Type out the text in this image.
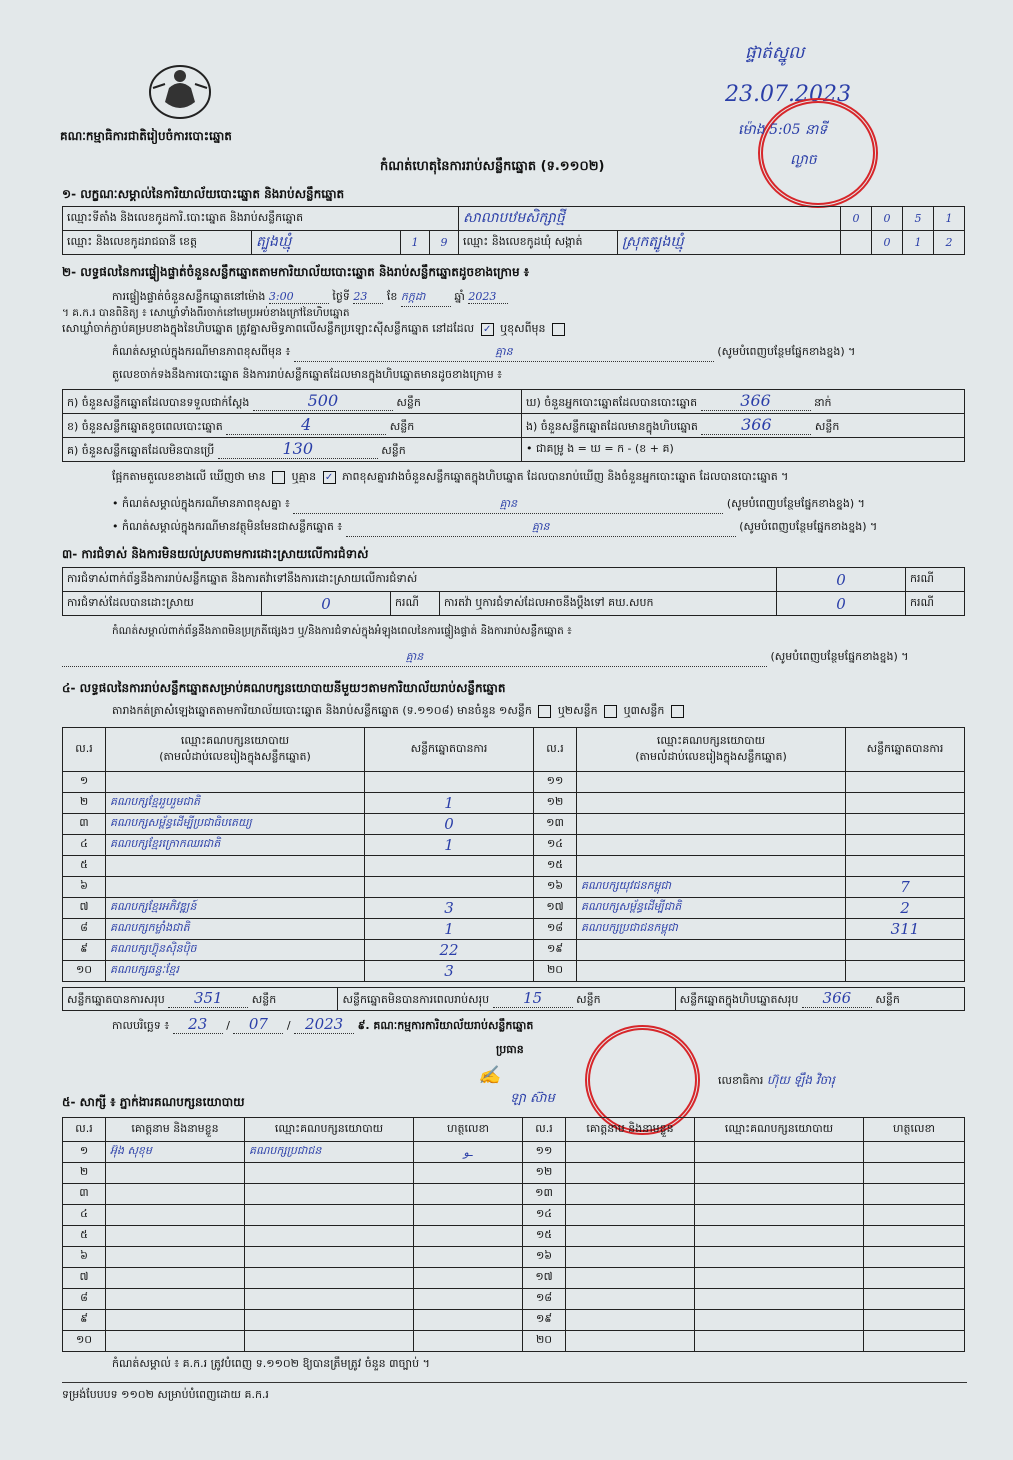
គណៈកម្មាធិការជាតិរៀបចំការបោះឆ្នោត
កំណត់ហេតុនៃការរាប់សន្លឹកឆ្នោត (ទ.១១០២)
ផ្ទាត់ស្នូល
23.07.2023
ម៉ោង 5:05 នាទី
ល្ងាច
១- លក្ខណៈសម្គាល់នៃការិយាល័យបោះឆ្នោត និងរាប់សន្លឹកឆ្នោត
ឈ្មោះទីតាំង និងលេខកូដការិ.បោះឆ្នោត និងរាប់សន្លឹកឆ្នោត				សាលាបឋមសិក្សាថ្មី		0	0	5	1
ឈ្មោះ និងលេខកូដរាជធានី ខេត្ត	ត្បូងឃ្មុំ	1	9	ឈ្មោះ និងលេខកូដឃុំ សង្កាត់	ស្រុកត្បូងឃ្មុំ		0	1	2
២- លទ្ធផលនៃការផ្ទៀងផ្ទាត់ចំនួនសន្លឹកឆ្នោតតាមការិយាល័យបោះឆ្នោត និងរាប់សន្លឹកឆ្នោតដូចខាងក្រោម ៖
ការផ្ទៀងផ្ទាត់ចំនួនសន្លឹកឆ្នោតនៅម៉ោង 3:00	ថ្ងៃទី 23 ខែ កក្កដា	ឆ្នាំ 2023
។ គ.ក.រ បានពិនិត្យ ៖ សោឃ្លាំទាំងពីរចាក់នៅមេប្រអប់ខាងក្រៅនៃហិបឆ្នោត
សោឃ្លាំចាក់ភ្ជាប់គម្របខាងក្នុងនៃហិបឆ្នោត ត្រូវគ្នាសមិទ្ធភាពលើសន្លឹកប្រឡោះស៊ីសន្លឹកឆ្នោត នៅដដែល ✓ ឬខុសពីមុន
កំណត់សម្គាល់ក្នុងករណីមានភាពខុសពីមុន ៖	គ្មាន	(សូមបំពេញបន្ថែមផ្នែកខាងខ្នង) ។
តួលេខចាក់ទងនឹងការបោះឆ្នោត និងការរាប់សន្លឹកឆ្នោតដែលមានក្នុងហិបឆ្នោតមានដូចខាងក្រោម ៖
ក) ចំនួនសន្លឹកឆ្នោតដែលបានទទួលជាក់ស្តែង 500 សន្លឹក	ឃ) ចំនួនអ្នកបោះឆ្នោតដែលបានបោះឆ្នោត 366 នាក់
ខ) ចំនួនសន្លឹកឆ្នោតខូចពេលបោះឆ្នោត 4 សន្លឹក	ង) ចំនួនសន្លឹកឆ្នោតដែលមានក្នុងហិបឆ្នោត 366 សន្លឹក
គ) ចំនួនសន្លឹកឆ្នោតដែលមិនបានប្រើ 130 សន្លឹក	• ជាគម្រូ ង = ឃ = ក - (ខ + គ)
ផ្អែកតាមតួលេខខាងលើ ឃើញថា មាន ឬគ្មាន ✓ ភាពខុសគ្នារវាងចំនួនសន្លឹកឆ្នោតក្នុងហិបឆ្នោត ដែលបានរាប់ឃើញ និងចំនួនអ្នកបោះឆ្នោត ដែលបានបោះឆ្នោត ។
• កំណត់សម្គាល់ក្នុងករណីមានភាពខុសគ្នា ៖	គ្មាន	(សូមបំពេញបន្ថែមផ្នែកខាងខ្នង) ។
• កំណត់សម្គាល់ក្នុងករណីមានវត្ថុមិនមែនជាសន្លឹកឆ្នោត ៖	គ្មាន	(សូមបំពេញបន្ថែមផ្នែកខាងខ្នង) ។
៣- ការជំទាស់ និងការមិនយល់ស្របតាមការដោះស្រាយលើការជំទាស់
ការជំទាស់ពាក់ព័ន្ធនឹងការរាប់សន្លឹកឆ្នោត និងការតវ៉ាទៅនឹងការដោះស្រាយលើការជំទាស់				0	ករណី
ការជំទាស់ដែលបានដោះស្រាយ	0	ករណី	ការតវ៉ា ឬការជំទាស់ដែលអាចនឹងប្តឹងទៅ គឃ.សបក	0	ករណី
កំណត់សម្គាល់ពាក់ព័ន្ធនឹងភាពមិនប្រក្រតីផ្សេងៗ ឬ/និងការជំទាស់ក្នុងអំឡុងពេលនៃការផ្ទៀងផ្ទាត់ និងការរាប់សន្លឹកឆ្នោត ៖
គ្មាន	(សូមបំពេញបន្ថែមផ្នែកខាងខ្នង) ។
៤- លទ្ធផលនៃការរាប់សន្លឹកឆ្នោតសម្រាប់គណបក្សនយោបាយនីមួយៗតាមការិយាល័យរាប់សន្លឹកឆ្នោត
តារាងកត់ត្រាសំឡេងឆ្នោតតាមការិយាល័យបោះឆ្នោត និងរាប់សន្លឹកឆ្នោត (ទ.១១០៨) មានចំនួន ១សន្លឹក ឬ២សន្លឹក ឬ៣សន្លឹក
ល.រ	ឈ្មោះគណបក្សនយោបាយ
(តាមលំដាប់លេខរៀងក្នុងសន្លឹកឆ្នោត)	សន្លឹកឆ្នោតបានការ	ល.រ	ឈ្មោះគណបក្សនយោបាយ
(តាមលំដាប់លេខរៀងក្នុងសន្លឹកឆ្នោត)	សន្លឹកឆ្នោតបានការ
១			១១		
២	គណបក្សខ្មែររួបរួមជាតិ	1	១២		
៣	គណបក្សសម្ព័ន្ធដើម្បីប្រជាធិបតេយ្យ	0	១៣		
៤	គណបក្សខ្មែរក្រោកឈរជាតិ	1	១៤		
៥			១៥		
៦			១៦	គណបក្សយុវជនកម្ពុជា	7
៧	គណបក្សខ្មែរអភិវឌ្ឍន៍	3	១៧	គណបក្សសម្ព័ន្ធដើម្បីជាតិ	2
៨	គណបក្សកម្លាំងជាតិ	1	១៨	គណបក្សប្រជាជនកម្ពុជា	311
៩	គណបក្សហ៊្វុនស៊ិនប៉ិច	22	១៩		
១០	គណបក្សឆន្ទៈខ្មែរ	3	២០		
សន្លឹកឆ្នោតបានការសរុប 351	សន្លឹក	សន្លឹកឆ្នោតមិនបានការពេលរាប់សរុប 15	សន្លឹក	សន្លឹកឆ្នោតក្នុងហិបឆ្នោតសរុប 366 សន្លឹក
កាលបរិច្ឆេទ ៖ 23 / 07 / 2023 ៩. គណៈកម្មការការិយាល័យរាប់សន្លឹកឆ្នោត
ប្រធាន
✍
ឡា ស៊ាម
លេខាធិការ ហ៊ុយ ឡឹង វិចារុ
៥- សាក្សី ៖ ភ្នាក់ងារគណបក្សនយោបាយ
ល.រ	គោត្តនាម និងនាមខ្លួន	ឈ្មោះគណបក្សនយោបាយ	ហត្ថលេខា	ល.រ	គោត្តនាម និងនាមខ្លួន	ឈ្មោះគណបក្សនយោបាយ	ហត្ថលេខា
១	អ៊ុង សុខុម	គណបក្សប្រជាជន	ـو	១១			
២				១២			
៣				១៣			
៤				១៤			
៥				១៥			
៦				១៦			
៧				១៧			
៨				១៨			
៩				១៩			
១០				២០			
កំណត់សម្គាល់ ៖ គ.ក.រ ត្រូវបំពេញ ទ.១១០២ ឱ្យបានត្រឹមត្រូវ ចំនួន ៣ច្បាប់ ។
ទម្រង់បែបបទ ១១០២ សម្រាប់បំពេញដោយ គ.ក.រ
